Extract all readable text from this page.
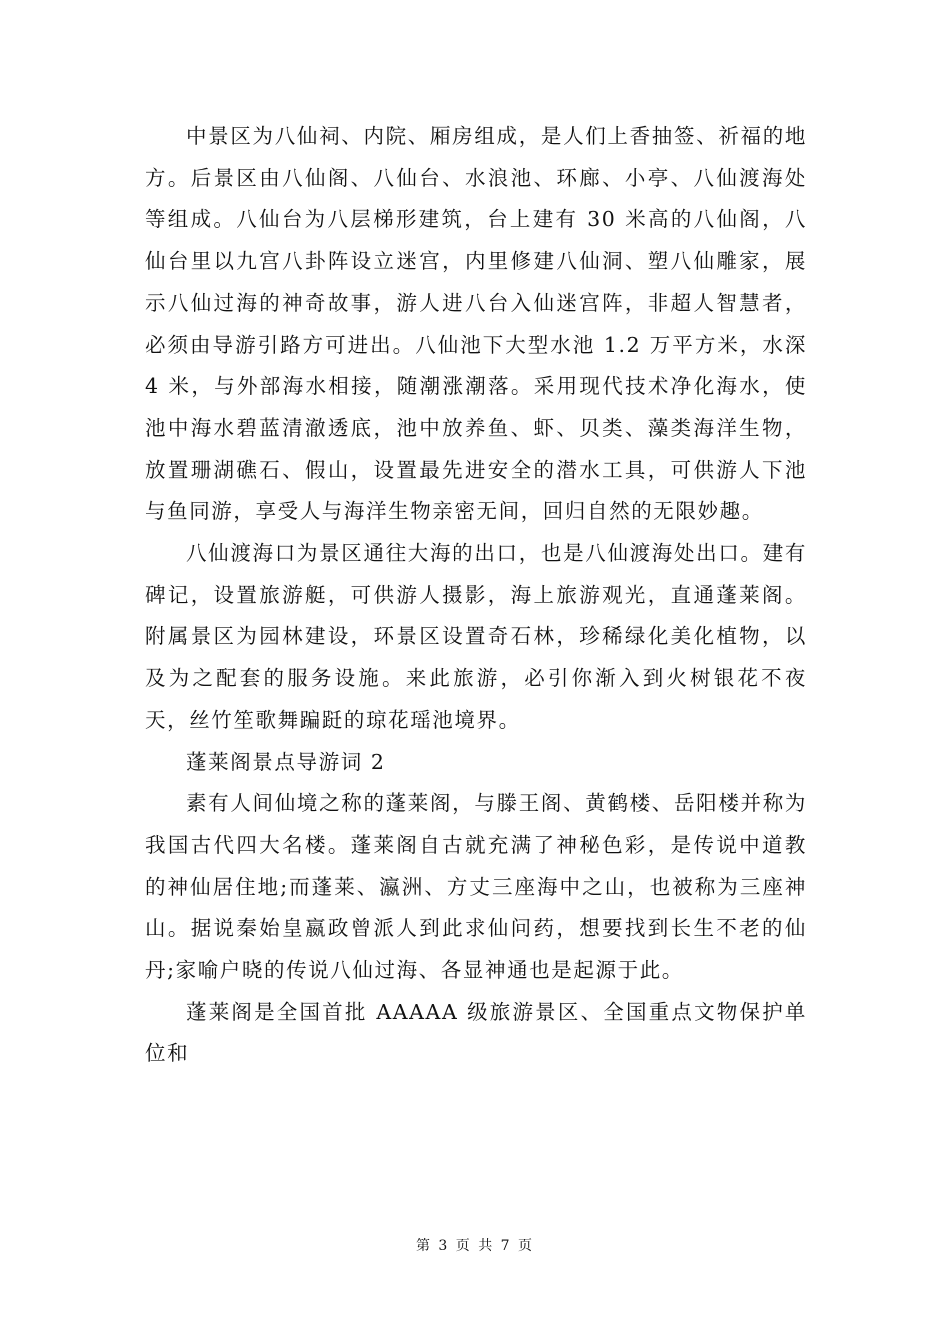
中景区为八仙祠、内院、厢房组成，是人们上香抽签、祈福的地方。后景区由八仙阁、八仙台、水浪池、环廊、小亭、八仙渡海处等组成。八仙台为八层梯形建筑，台上建有 30 米高的八仙阁，八仙台里以九宫八卦阵设立迷宫，内里修建八仙洞、塑八仙雕家，展示八仙过海的神奇故事，游人进八台入仙迷宫阵，非超人智慧者，必须由导游引路方可进出。八仙池下大型水池 1.2 万平方米，水深 4 米，与外部海水相接，随潮涨潮落。采用现代技术净化海水，使池中海水碧蓝清澈透底，池中放养鱼、虾、贝类、藻类海洋生物，放置珊湖礁石、假山，设置最先进安全的潜水工具，可供游人下池与鱼同游，享受人与海洋生物亲密无间，回归自然的无限妙趣。

八仙渡海口为景区通往大海的出口，也是八仙渡海处出口。建有碑记，设置旅游艇，可供游人摄影，海上旅游观光，直通蓬莱阁。附属景区为园林建设，环景区设置奇石林，珍稀绿化美化植物，以及为之配套的服务设施。来此旅游，必引你渐入到火树银花不夜天，丝竹笙歌舞蹁跹的琼花瑶池境界。

蓬莱阁景点导游词 2

素有人间仙境之称的蓬莱阁，与滕王阁、黄鹤楼、岳阳楼并称为我国古代四大名楼。蓬莱阁自古就充满了神秘色彩，是传说中道教的神仙居住地;而蓬莱、瀛洲、方丈三座海中之山，也被称为三座神山。据说秦始皇嬴政曾派人到此求仙问药，想要找到长生不老的仙丹;家喻户晓的传说八仙过海、各显神通也是起源于此。

蓬莱阁是全国首批 AAAAA 级旅游景区、全国重点文物保护单位和

第 3 页 共 7 页
